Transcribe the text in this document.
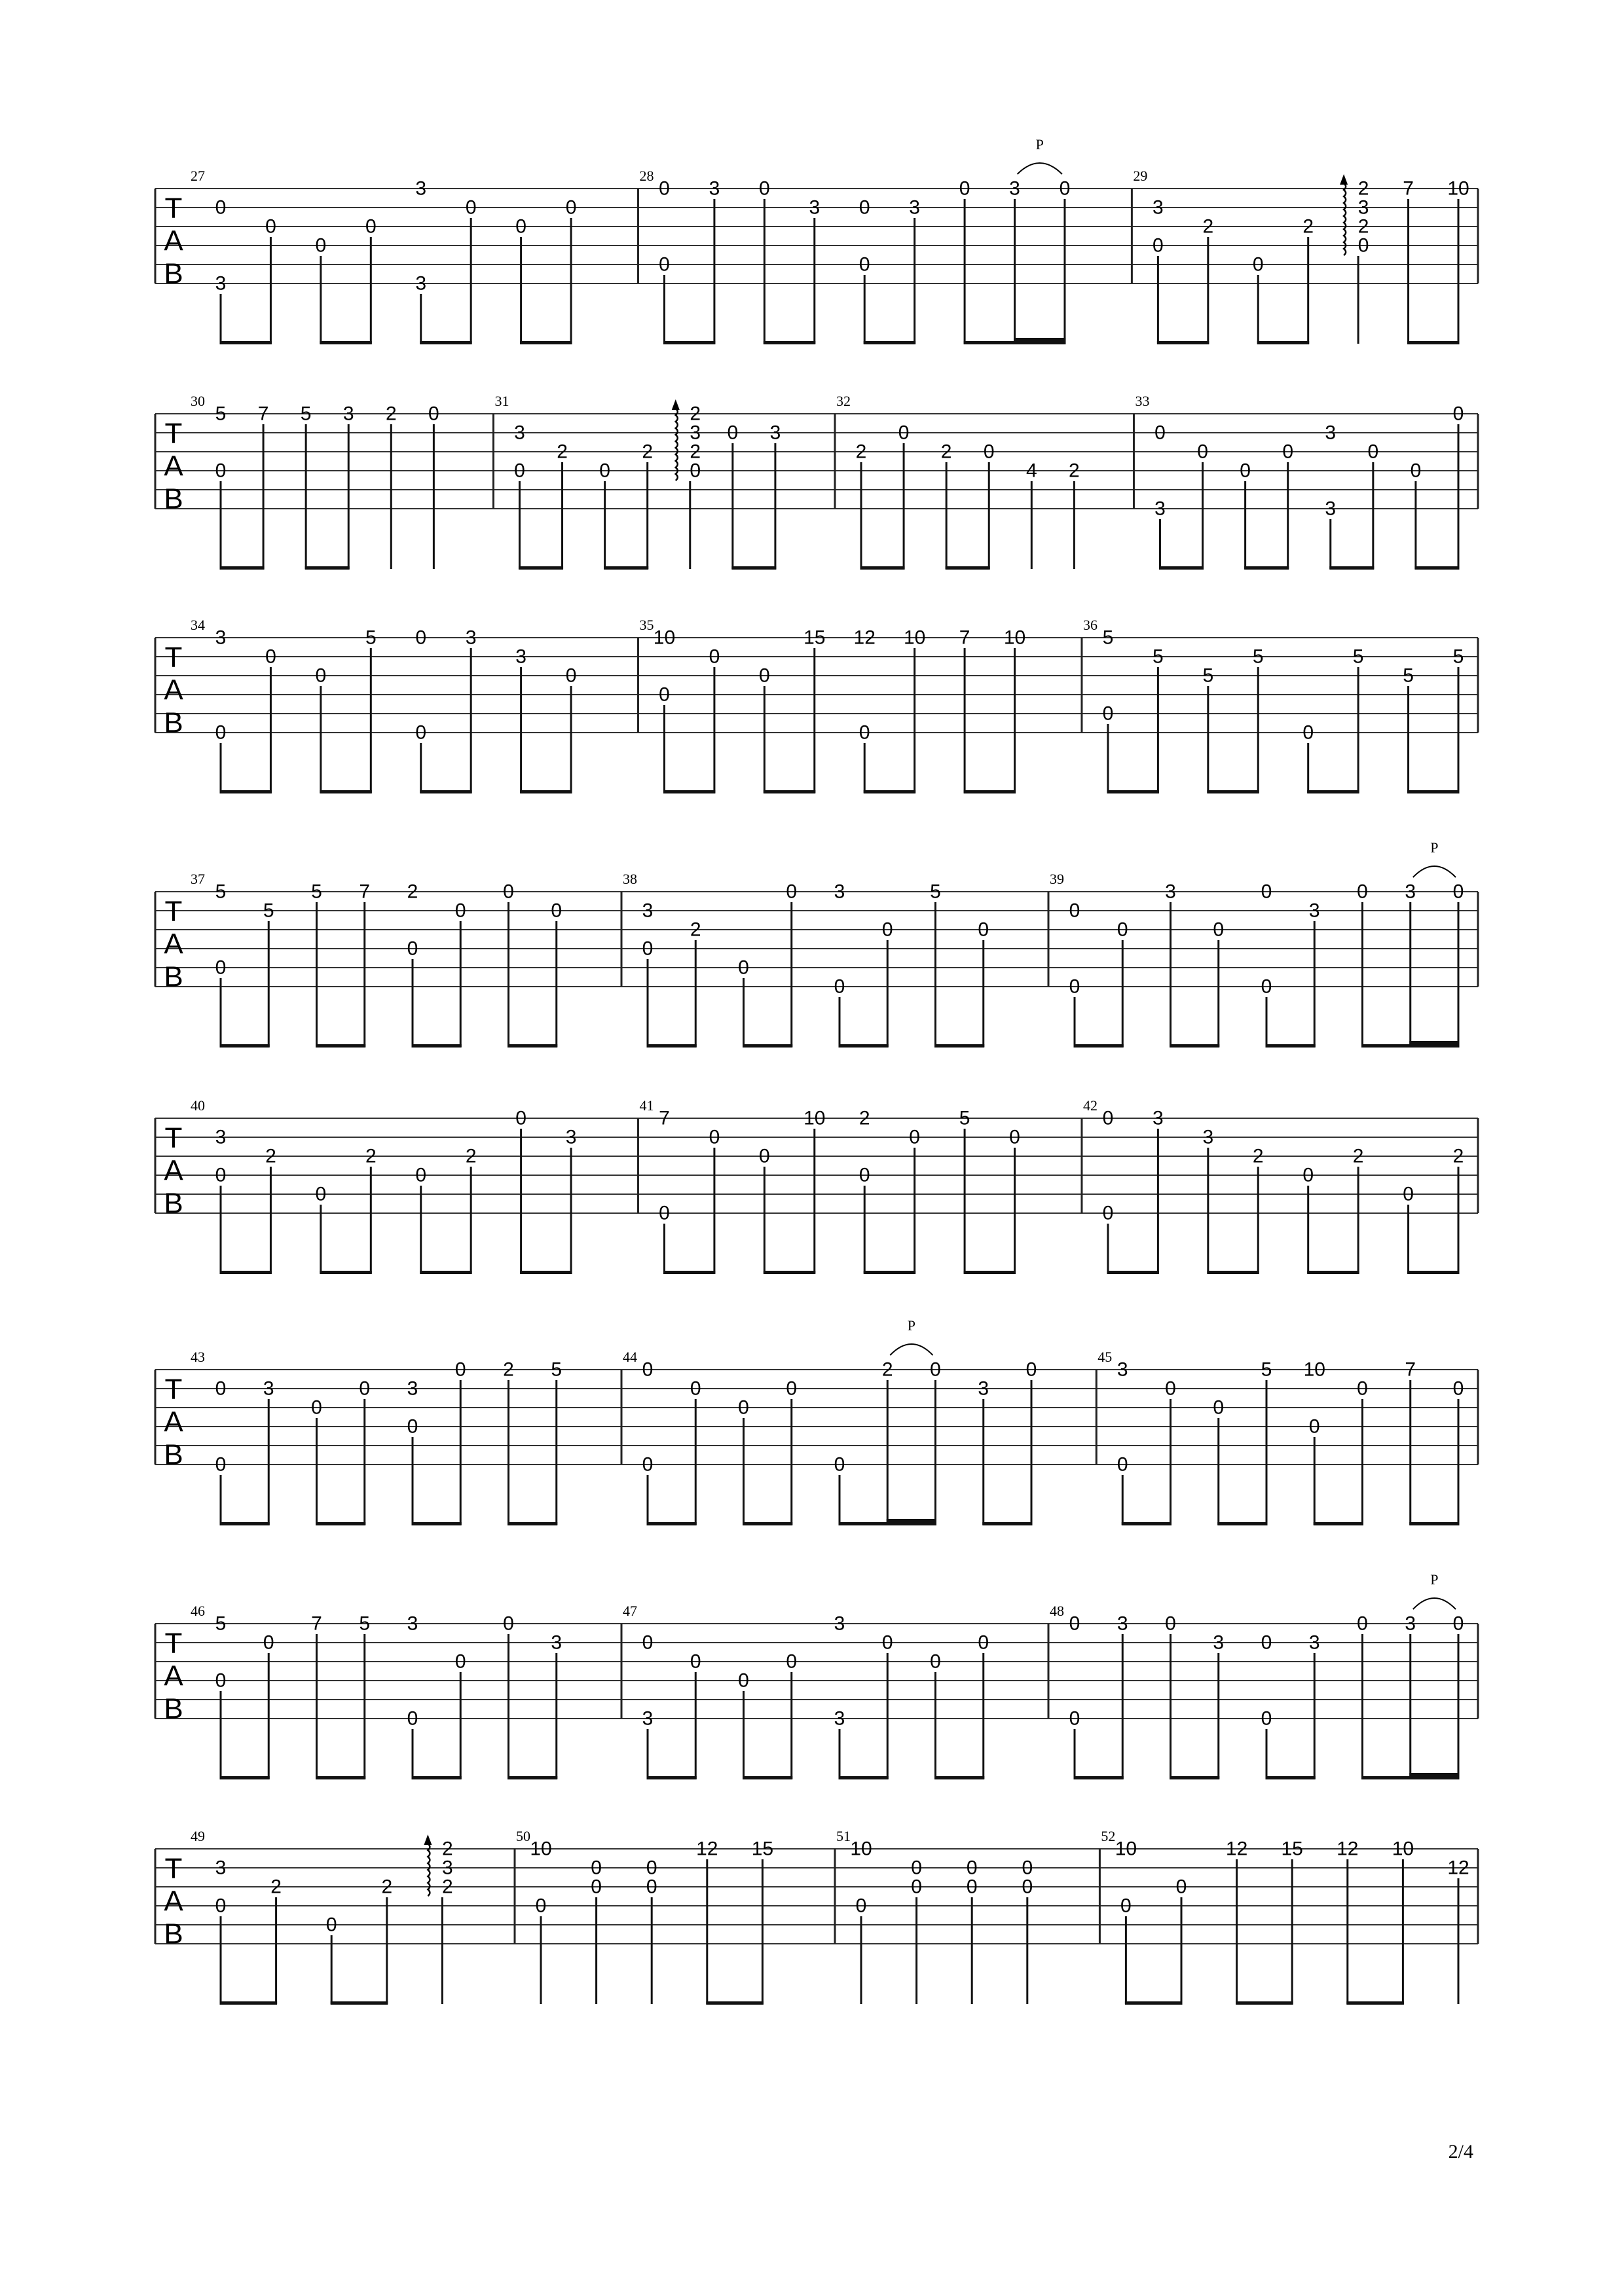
T
A
B
27
0
3
0
0
0
3
3
0
0
0
28
0
0
3 0
3 0
0
3
0 3 0
P
29
3
0
2
0
2
2
3
2
0
7 10
T
A
B
30
5
0
7 5 3 2 0
31
3
0
2
0
2
2
3
2
0
0 3
32
2
0
2 0
4 2
33
0
3
0
0
0
3
3
0
0
0
T
A
B
34
3
0
0
0
5 0
0
3
3
0
35
10
0
0
0
15 12
0
10 7 10
36
5
0
5
5
5
0
5
5
5
T
A
B
37
5
0
5
5 7 2
0
0
0
0
38
3
0
2
0
0 3
0
0
5
0
39
0
0
0
3
0
0
0
3
0 3 0
P
T
A
B
40
3
0
2
0
2
0
2
0
3
41
7
0
0
0
10 2
0
0
5
0
42
0
0
3
3
2
0
2
0
2
T
A
B
43
0
0
3
0
0 3
0
0 2 5
44
0
0
0
0
0
0
2 0
3
0
P
45
3
0
0
0
5 10
0
0
7
0
T
A
B
46
5
0
0
7 5 3
0
0
0
3
47
0
3
0
0
0
3
3
0
0
0
48
0
0
3 0
3 0
0
3
0 3 0
P
T
A
B
49
3
0
2
0
2
2
3
2
50
10
0
0
0
0
0
12 15
51
10
0
0
0
0
0
0
0
52
10
0
0
12 15 12 10
12
2/4
